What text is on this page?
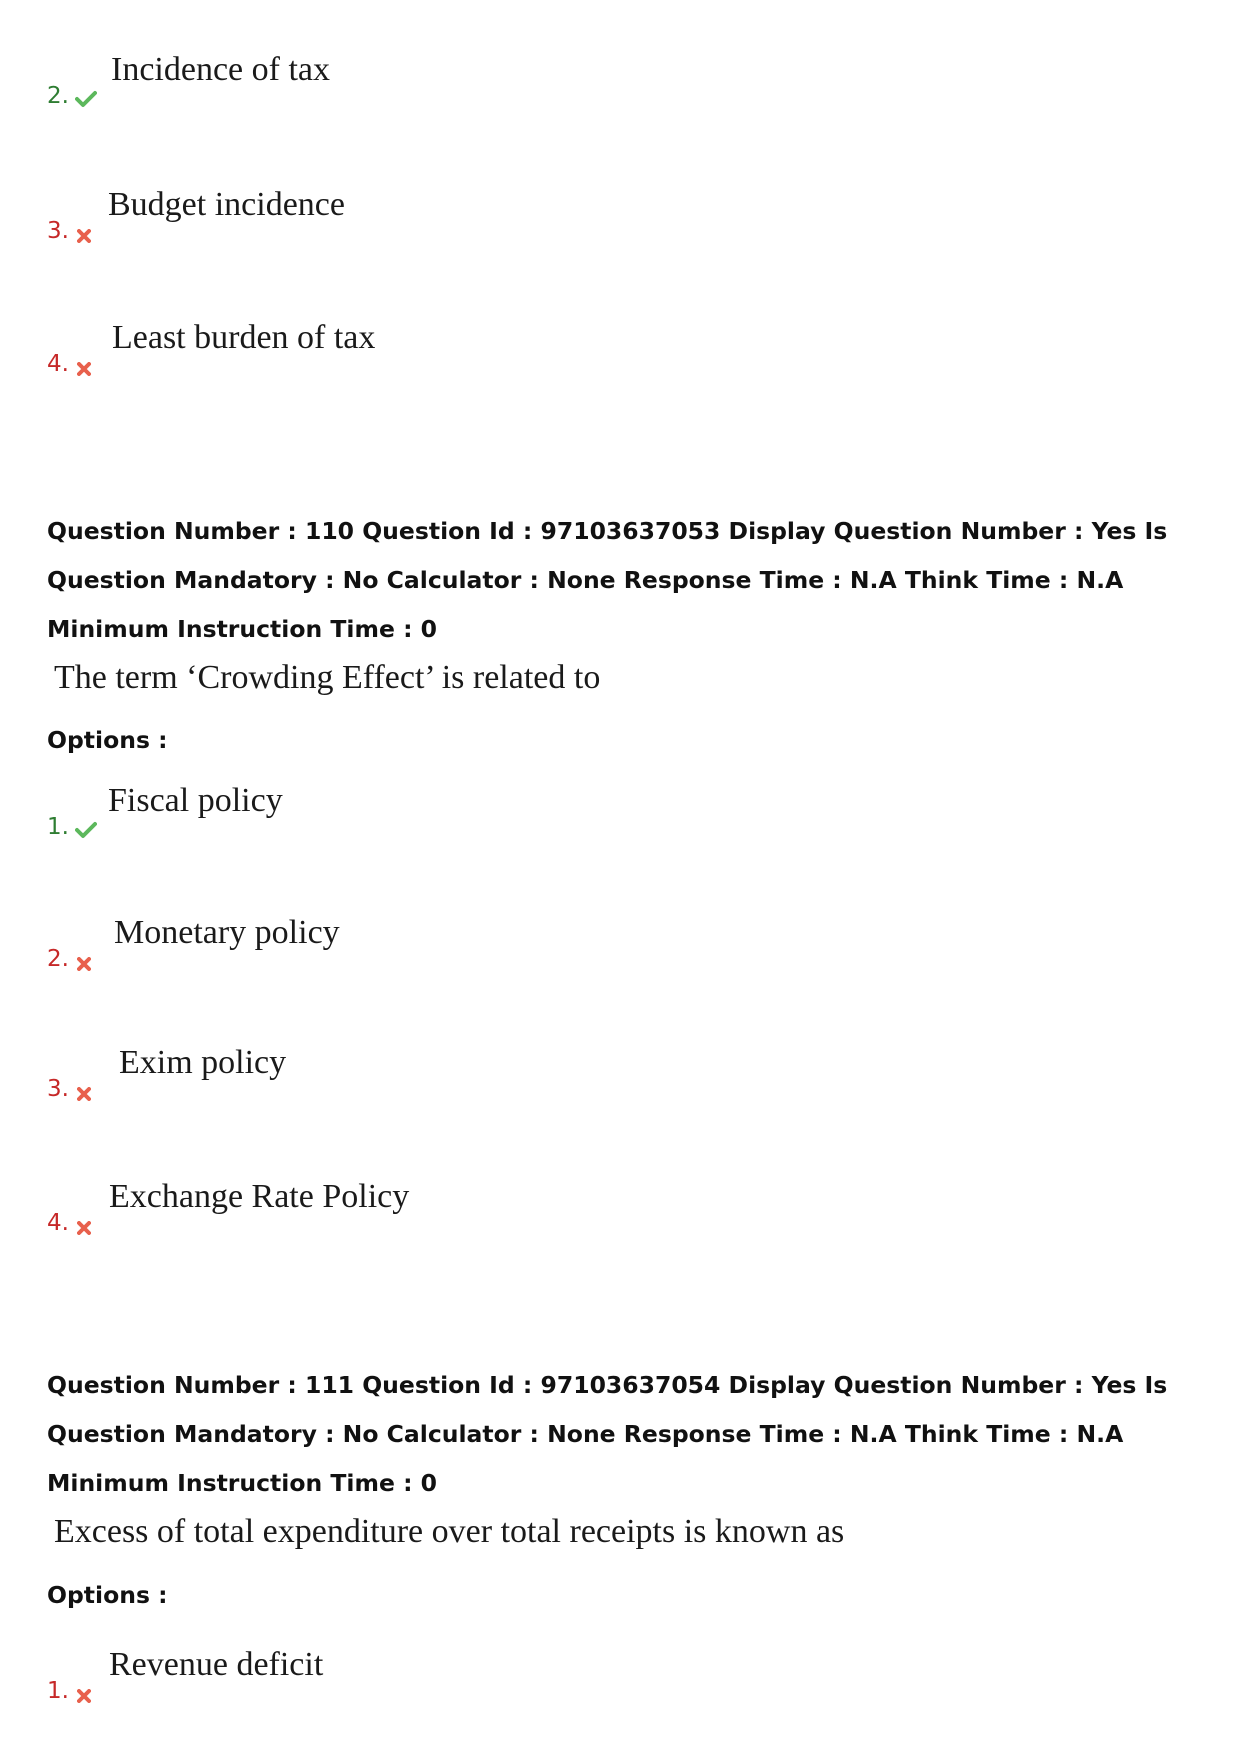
2.
Incidence of tax
3.
Budget incidence
4.
Least burden of tax
Question Number : 110 Question Id : 97103637053 Display Question Number : Yes Is Question Mandatory : No Calculator : None Response Time : N.A Think Time : N.A Minimum Instruction Time : 0
The term ‘Crowding Effect’ is related to
Options :
1.
Fiscal policy
2.
Monetary policy
3.
Exim policy
4.
Exchange Rate Policy
Question Number : 111 Question Id : 97103637054 Display Question Number : Yes Is Question Mandatory : No Calculator : None Response Time : N.A Think Time : N.A Minimum Instruction Time : 0
Excess of total expenditure over total receipts is known as
Options :
1.
Revenue deficit
